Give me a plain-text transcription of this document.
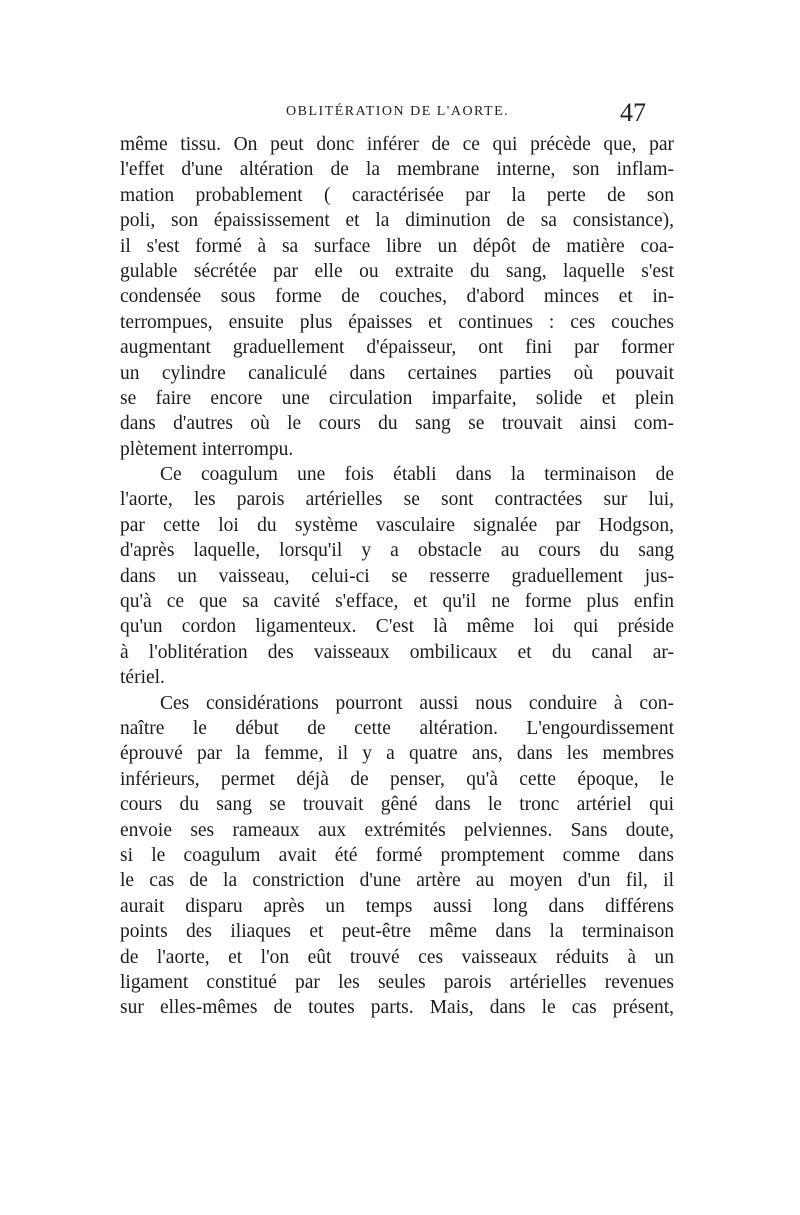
OBLITÉRATION DE L'AORTE.	47
même tissu. On peut donc inférer de ce qui précède que, par
l'effet d'une altération de la membrane interne, son inflam-
mation probablement ( caractérisée par la perte de son
poli, son épaississement et la diminution de sa consistance),
il s'est formé à sa surface libre un dépôt de matière coa-
gulable sécrétée par elle ou extraite du sang, laquelle s'est
condensée sous forme de couches, d'abord minces et in-
terrompues, ensuite plus épaisses et continues : ces couches
augmentant graduellement d'épaisseur, ont fini par former
un cylindre canaliculé dans certaines parties où pouvait
se faire encore une circulation imparfaite, solide et plein
dans d'autres où le cours du sang se trouvait ainsi com-
plètement interrompu.
Ce coagulum une fois établi dans la terminaison de
l'aorte, les parois artérielles se sont contractées sur lui,
par cette loi du système vasculaire signalée par Hodgson,
d'après laquelle, lorsqu'il y a obstacle au cours du sang
dans un vaisseau, celui-ci se resserre graduellement jus-
qu'à ce que sa cavité s'efface, et qu'il ne forme plus enfin
qu'un cordon ligamenteux. C'est là même loi qui préside
à l'oblitération des vaisseaux ombilicaux et du canal ar-
tériel.
Ces considérations pourront aussi nous conduire à con-
naître le début de cette altération. L'engourdissement
éprouvé par la femme, il y a quatre ans, dans les membres
inférieurs, permet déjà de penser, qu'à cette époque, le
cours du sang se trouvait gêné dans le tronc artériel qui
envoie ses rameaux aux extrémités pelviennes. Sans doute,
si le coagulum avait été formé promptement comme dans
le cas de la constriction d'une artère au moyen d'un fil, il
aurait disparu après un temps aussi long dans différens
points des iliaques et peut-être même dans la terminaison
de l'aorte, et l'on eût trouvé ces vaisseaux réduits à un
ligament constitué par les seules parois artérielles revenues
sur elles-mêmes de toutes parts. Mais, dans le cas présent,
